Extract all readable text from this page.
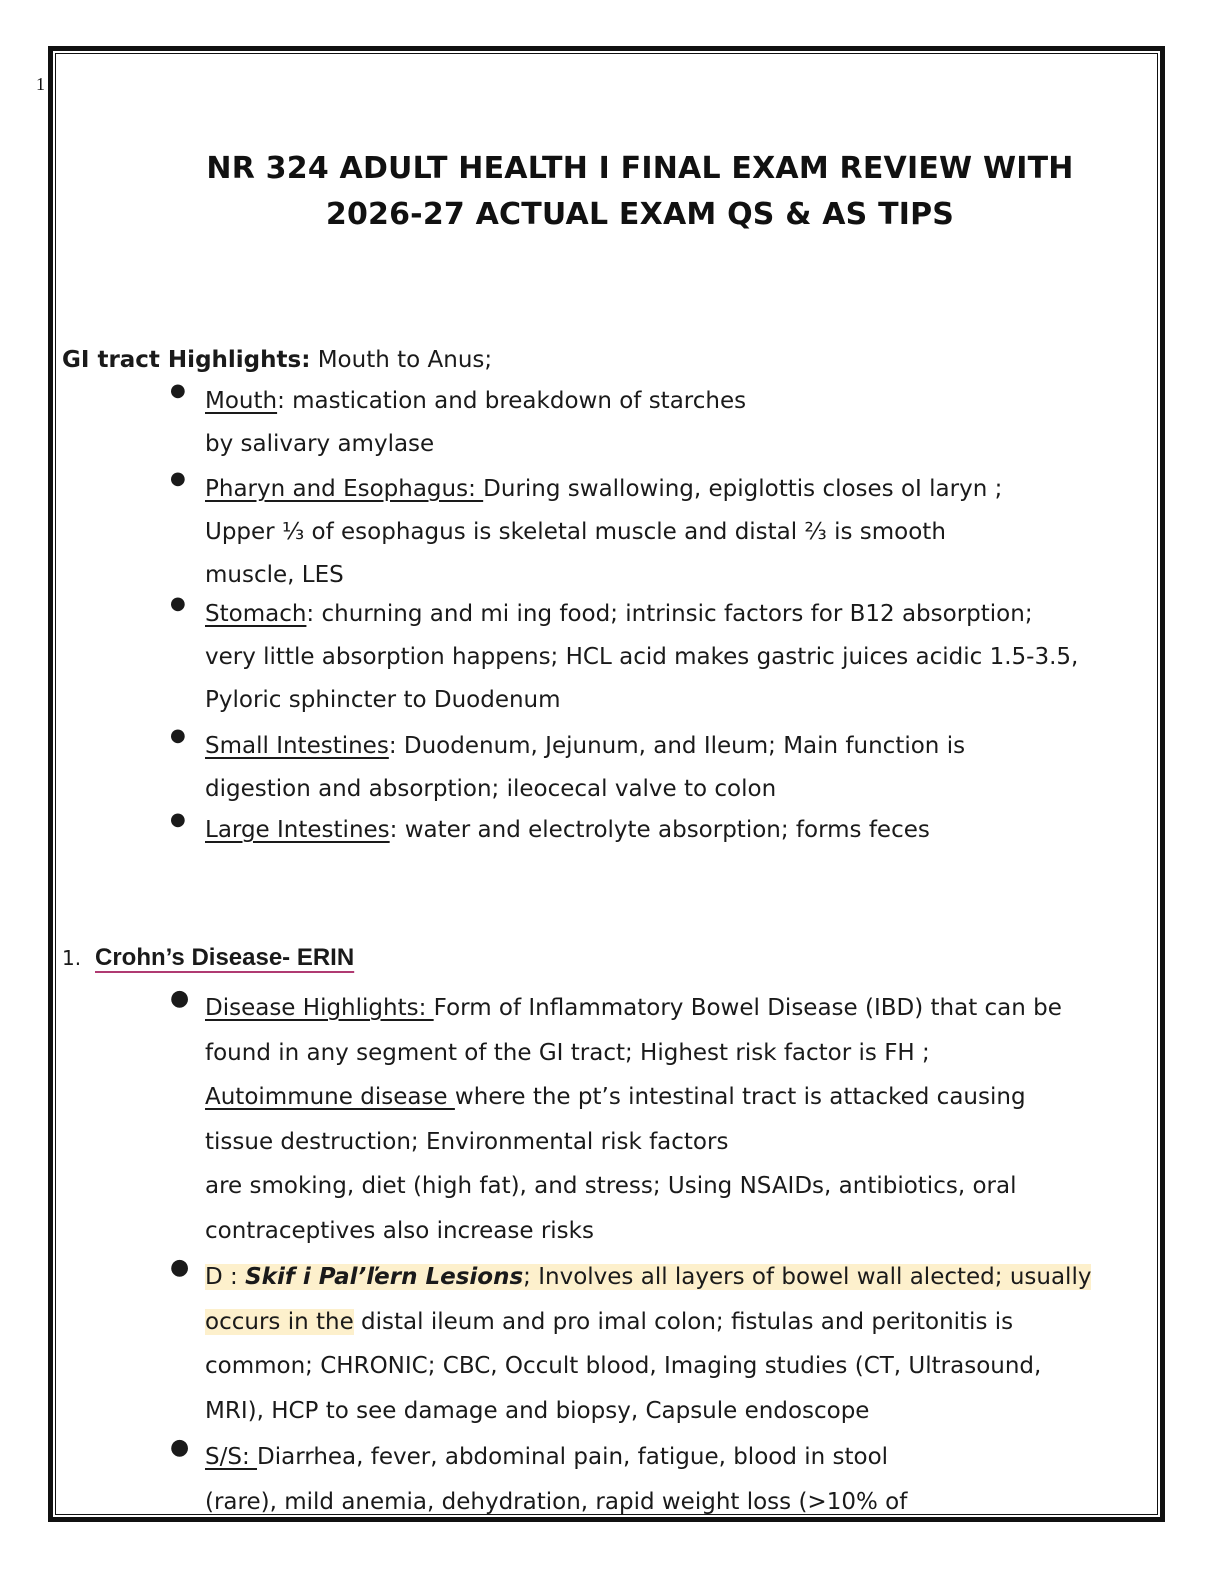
1
NR 324 ADULT HEALTH I FINAL EXAM REVIEW WITH
2026-27 ACTUAL EXAM QS & AS TIPS
GI tract Highlights: Mouth to Anus;
● Mouth: mastication and breakdown of starches
by salivary amylase
● Pharyn and Esophagus: During swallowing, epiglottis closes oI laryn ;
Upper ⅓ of esophagus is skeletal muscle and distal ⅔ is smooth
muscle, LES
● Stomach: churning and mi ing food; intrinsic factors for B12 absorption;
very little absorption happens; HCL acid makes gastric juices acidic 1.5-3.5,
Pyloric sphincter to Duodenum
● Small Intestines: Duodenum, Jejunum, and Ileum; Main function is
digestion and absorption; ileocecal valve to colon
● Large Intestines: water and electrolyte absorption; forms feces
1. Crohn’s Disease- ERIN
● Disease Highlights: Form of Inflammatory Bowel Disease (IBD) that can be
found in any segment of the GI tract; Highest risk factor is FH ;
Autoimmune disease where the pt’s intestinal tract is attacked causing
tissue destruction; Environmental risk factors
are smoking, diet (high fat), and stress; Using NSAIDs, antibiotics, oral
contraceptives also increase risks
● D : Skif i Pal’ľern Lesions; Involves all layers of bowel wall alected; usually
occurs in the distal ileum and pro imal colon; fistulas and peritonitis is
common; CHRONIC; CBC, Occult blood, Imaging studies (CT, Ultrasound,
MRI), HCP to see damage and biopsy, Capsule endoscope
● S/S: Diarrhea, fever, abdominal pain, fatigue, blood in stool
(rare), mild anemia, dehydration, rapid weight loss (>10% of
